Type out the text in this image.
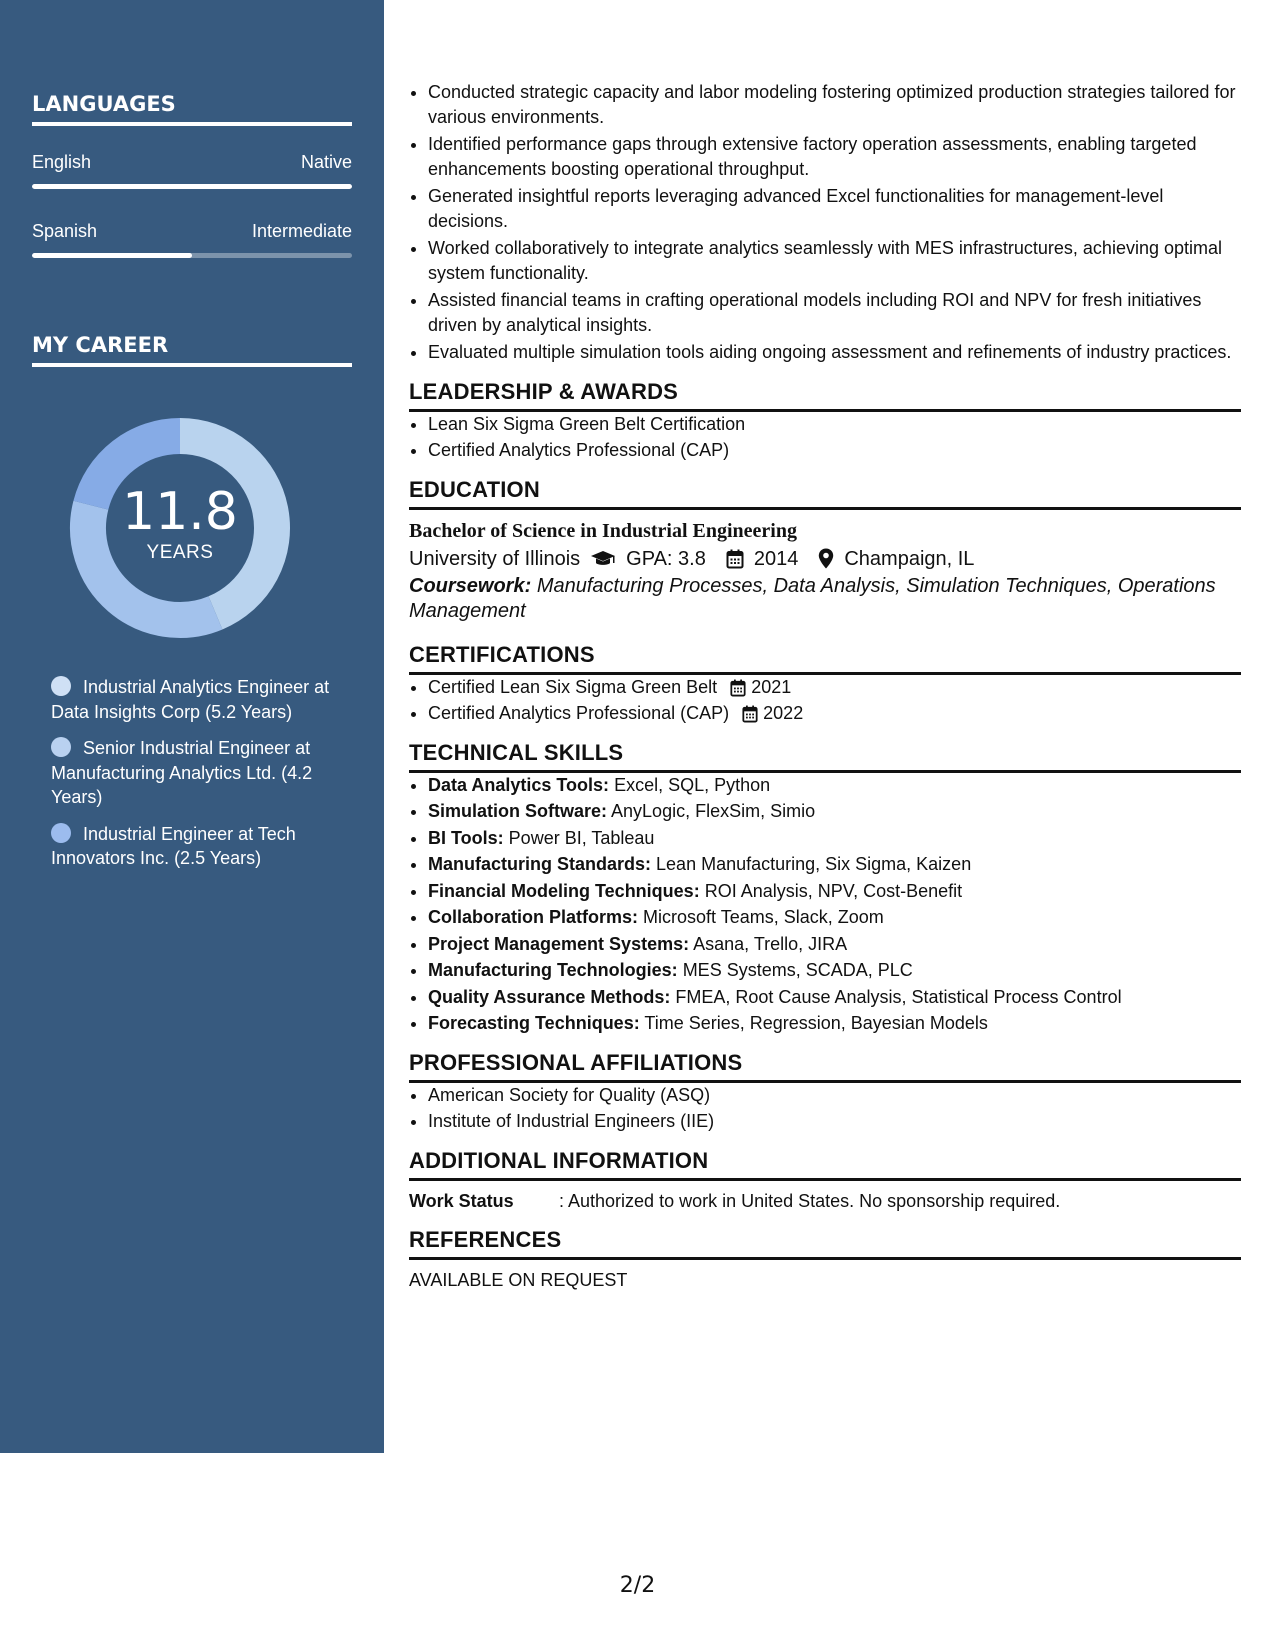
LANGUAGES
English	Native
Spanish	Intermediate
MY CAREER
11.8
YEARS
Industrial Analytics Engineer at Data Insights Corp (5.2 Years)
Senior Industrial Engineer at Manufacturing Analytics Ltd. (4.2 Years)
Industrial Engineer at Tech Innovators Inc. (2.5 Years)
• Conducted strategic capacity and labor modeling fostering optimized production strategies tailored for various environments.
• Identified performance gaps through extensive factory operation assessments, enabling targeted enhancements boosting operational throughput.
• Generated insightful reports leveraging advanced Excel functionalities for management-level decisions.
• Worked collaboratively to integrate analytics seamlessly with MES infrastructures, achieving optimal system functionality.
• Assisted financial teams in crafting operational models including ROI and NPV for fresh initiatives driven by analytical insights.
• Evaluated multiple simulation tools aiding ongoing assessment and refinements of industry practices.
LEADERSHIP & AWARDS
• Lean Six Sigma Green Belt Certification
• Certified Analytics Professional (CAP)
EDUCATION
Bachelor of Science in Industrial Engineering
University of Illinois GPA: 3.8 2014 Champaign, IL
Coursework: Manufacturing Processes, Data Analysis, Simulation Techniques, Operations Management
CERTIFICATIONS
• Certified Lean Six Sigma Green Belt 2021
• Certified Analytics Professional (CAP) 2022
TECHNICAL SKILLS
• Data Analytics Tools: Excel, SQL, Python
• Simulation Software: AnyLogic, FlexSim, Simio
• BI Tools: Power BI, Tableau
• Manufacturing Standards: Lean Manufacturing, Six Sigma, Kaizen
• Financial Modeling Techniques: ROI Analysis, NPV, Cost-Benefit
• Collaboration Platforms: Microsoft Teams, Slack, Zoom
• Project Management Systems: Asana, Trello, JIRA
• Manufacturing Technologies: MES Systems, SCADA, PLC
• Quality Assurance Methods: FMEA, Root Cause Analysis, Statistical Process Control
• Forecasting Techniques: Time Series, Regression, Bayesian Models
PROFESSIONAL AFFILIATIONS
• American Society for Quality (ASQ)
• Institute of Industrial Engineers (IIE)
ADDITIONAL INFORMATION
Work Status	: Authorized to work in United States. No sponsorship required.
REFERENCES
AVAILABLE ON REQUEST
2/2
